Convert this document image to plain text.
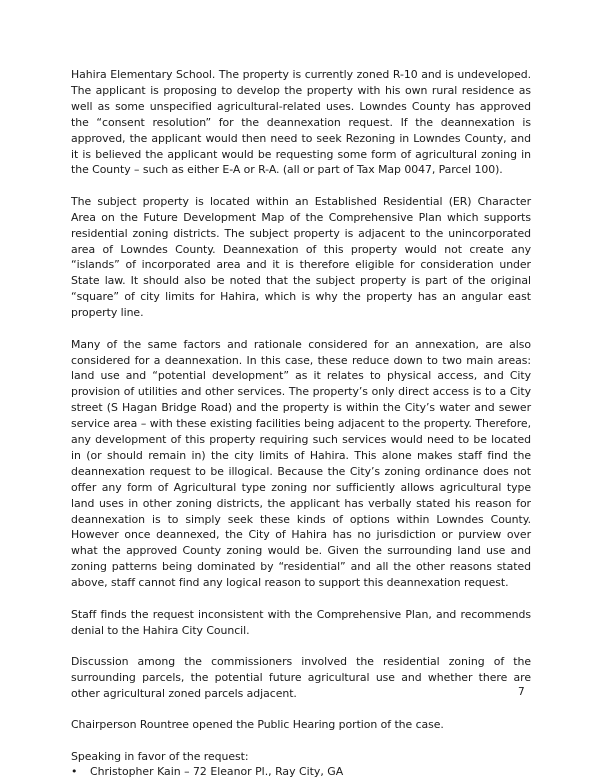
Hahira Elementary School. The property is currently zoned R-10 and is undeveloped. The applicant is proposing to develop the property with his own rural residence as well as some unspecified agricultural-related uses. Lowndes County has approved the “consent resolution” for the deannexation request. If the deannexation is approved, the applicant would then need to seek Rezoning in Lowndes County, and it is believed the applicant would be requesting some form of agricultural zoning in the County – such as either E-A or R-A. (all or part of Tax Map 0047, Parcel 100).

The subject property is located within an Established Residential (ER) Character Area on the Future Development Map of the Comprehensive Plan which supports residential zoning districts. The subject property is adjacent to the unincorporated area of Lowndes County. Deannexation of this property would not create any “islands” of incorporated area and it is therefore eligible for consideration under State law. It should also be noted that the subject property is part of the original “square” of city limits for Hahira, which is why the property has an angular east property line.

Many of the same factors and rationale considered for an annexation, are also considered for a deannexation. In this case, these reduce down to two main areas: land use and “potential development” as it relates to physical access, and City provision of utilities and other services. The property’s only direct access is to a City street (S Hagan Bridge Road) and the property is within the City’s water and sewer service area – with these existing facilities being adjacent to the property. Therefore, any development of this property requiring such services would need to be located in (or should remain in) the city limits of Hahira. This alone makes staff find the deannexation request to be illogical. Because the City’s zoning ordinance does not offer any form of Agricultural type zoning nor sufficiently allows agricultural type land uses in other zoning districts, the applicant has verbally stated his reason for deannexation is to simply seek these kinds of options within Lowndes County. However once deannexed, the City of Hahira has no jurisdiction or purview over what the approved County zoning would be. Given the surrounding land use and zoning patterns being dominated by “residential” and all the other reasons stated above, staff cannot find any logical reason to support this deannexation request.

Staff finds the request inconsistent with the Comprehensive Plan, and recommends denial to the Hahira City Council.

Discussion among the commissioners involved the residential zoning of the surrounding parcels, the potential future agricultural use and whether there are other agricultural zoned parcels adjacent.

Chairperson Rountree opened the Public Hearing portion of the case.

Speaking in favor of the request:

• Christopher Kain – 72 Eleanor Pl., Ray City, GA
7
